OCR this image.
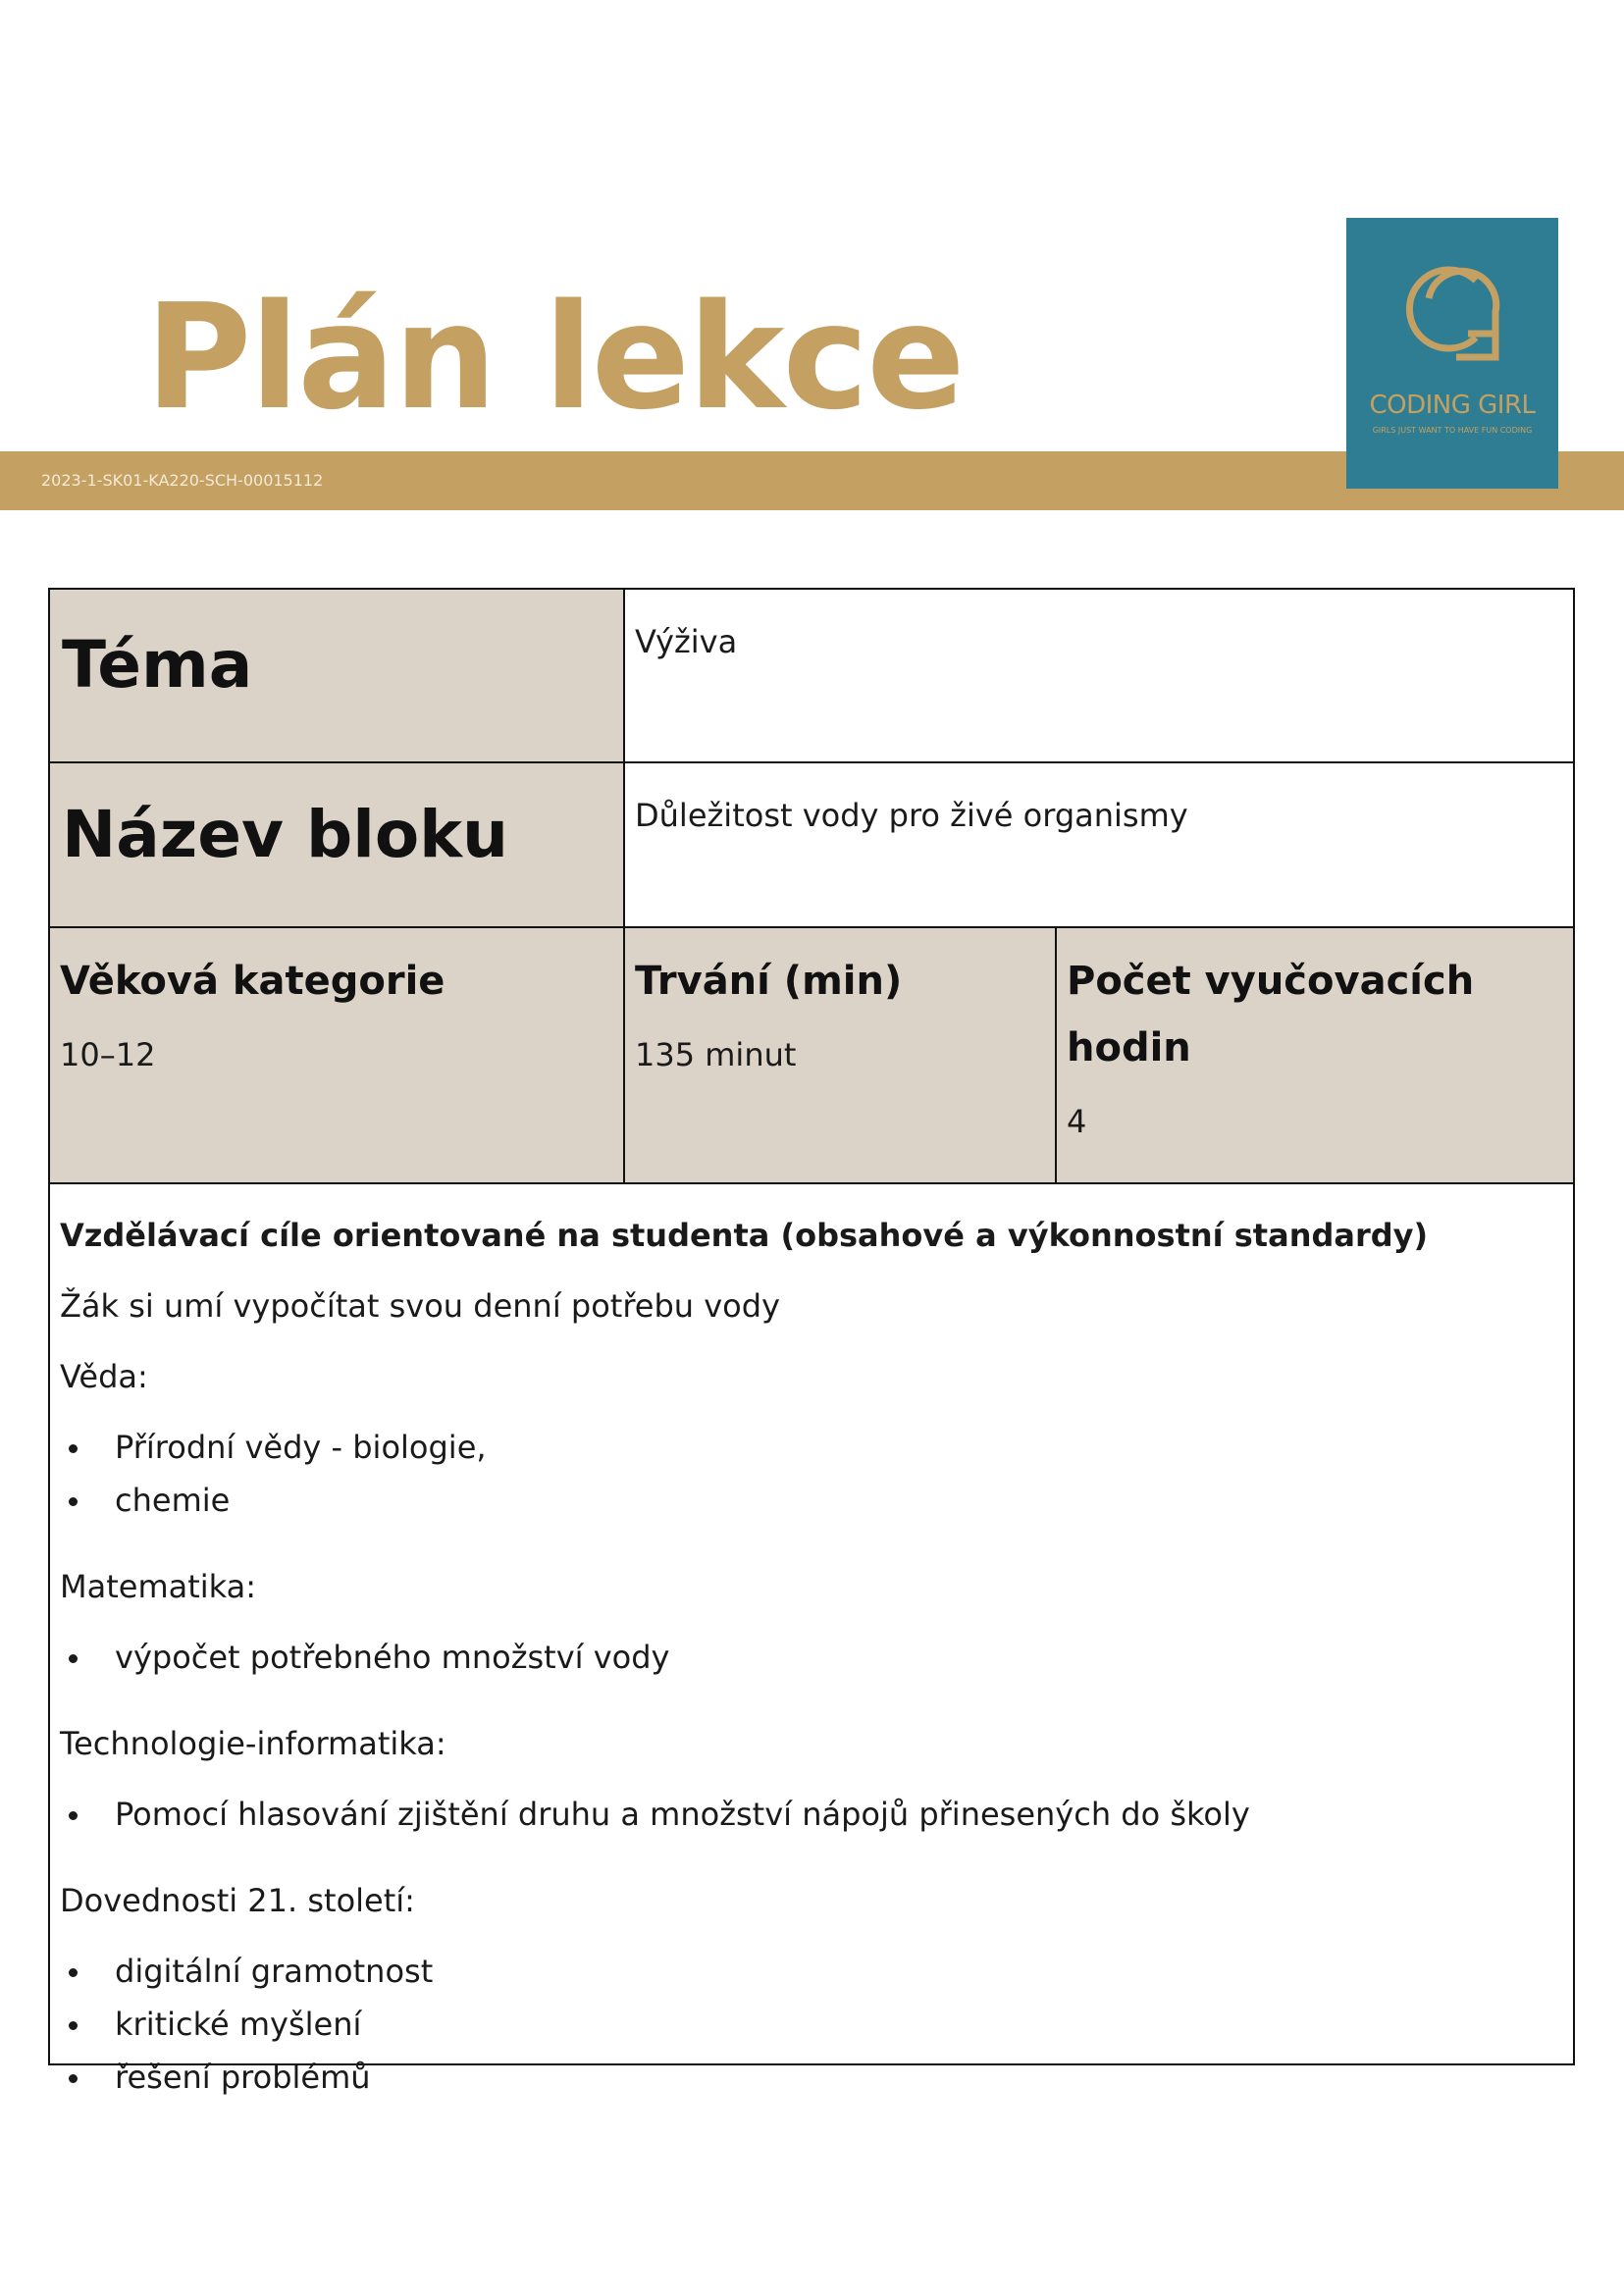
Plán lekce
2023-1-SK01-KA220-SCH-00015112
CODING GIRL
GIRLS JUST WANT TO HAVE FUN CODING
Téma	Výživa
Název bloku	Důležitost vody pro živé organismy
Věková kategorie
10–12
Trvání (min)
135 minut
Počet vyučovacích
hodin
4
Vzdělávací cíle orientované na studenta (obsahové a výkonnostní standardy)
Žák si umí vypočítat svou denní potřebu vody
Věda:
Přírodní vědy - biologie,
chemie
Matematika:
výpočet potřebného množství vody
Technologie-informatika:
Pomocí hlasování zjištění druhu a množství nápojů přinesených do školy
Dovednosti 21. století:
digitální gramotnost
kritické myšlení
řešení problémů
